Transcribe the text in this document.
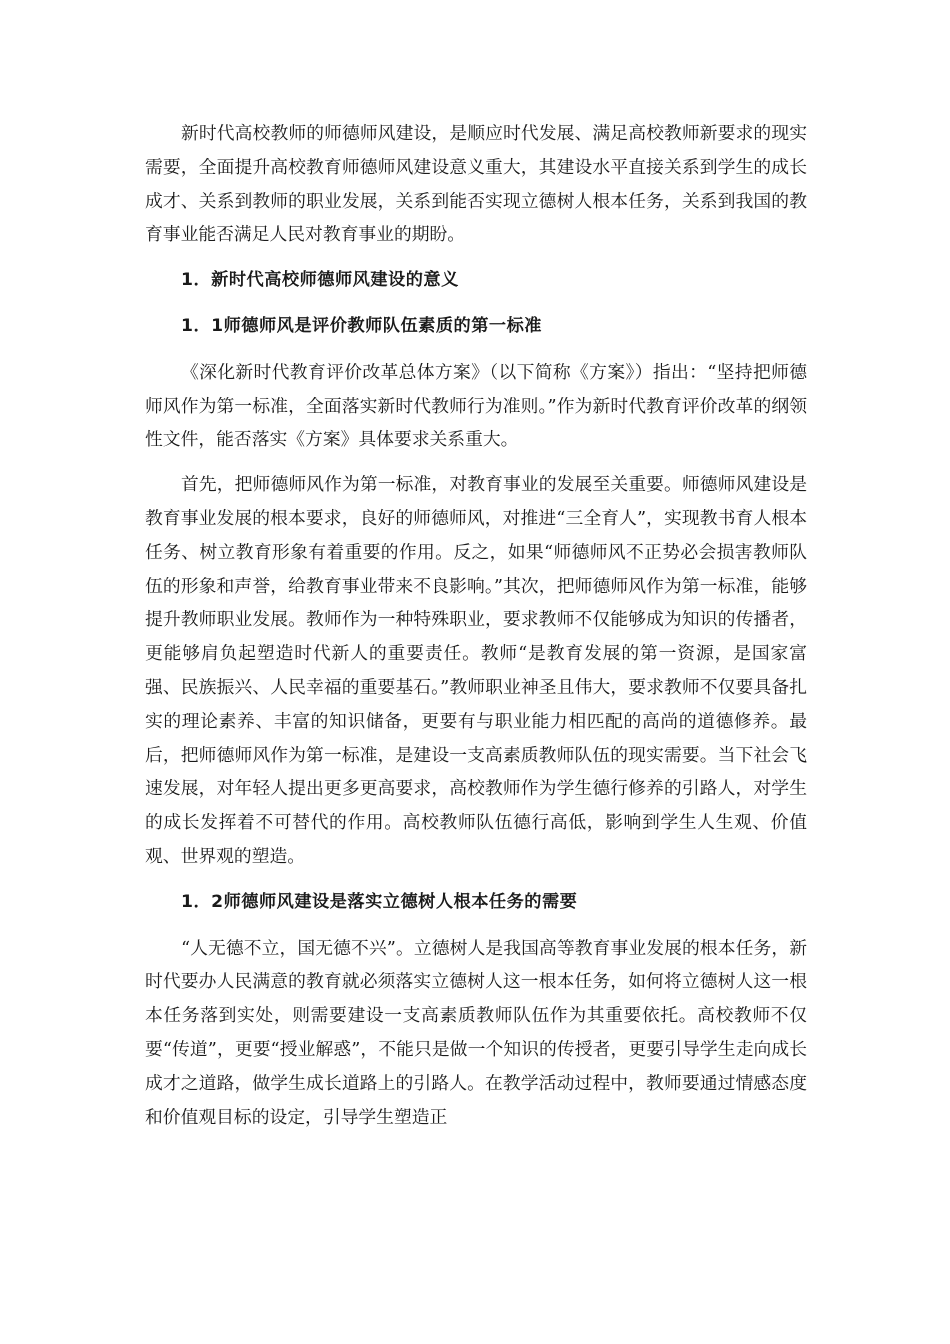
新时代高校教师的师德师风建设，是顺应时代发展、满足高校教师新要求的现实需要，全面提升高校教育师德师风建设意义重大，其建设水平直接关系到学生的成长成才、关系到教师的职业发展，关系到能否实现立德树人根本任务，关系到我国的教育事业能否满足人民对教育事业的期盼。

1．新时代高校师德师风建设的意义

1．1师德师风是评价教师队伍素质的第一标准

《深化新时代教育评价改革总体方案》（以下简称《方案》）指出：“坚持把师德师风作为第一标准，全面落实新时代教师行为准则。”作为新时代教育评价改革的纲领性文件，能否落实《方案》具体要求关系重大。

首先，把师德师风作为第一标准，对教育事业的发展至关重要。师德师风建设是教育事业发展的根本要求，良好的师德师风，对推进“三全育人”，实现教书育人根本任务、树立教育形象有着重要的作用。反之，如果“师德师风不正势必会损害教师队伍的形象和声誉，给教育事业带来不良影响。”其次，把师德师风作为第一标准，能够提升教师职业发展。教师作为一种特殊职业，要求教师不仅能够成为知识的传播者，更能够肩负起塑造时代新人的重要责任。教师“是教育发展的第一资源，是国家富强、民族振兴、人民幸福的重要基石。”教师职业神圣且伟大，要求教师不仅要具备扎实的理论素养、丰富的知识储备，更要有与职业能力相匹配的高尚的道德修养。最后，把师德师风作为第一标准，是建设一支高素质教师队伍的现实需要。当下社会飞速发展，对年轻人提出更多更高要求，高校教师作为学生德行修养的引路人，对学生的成长发挥着不可替代的作用。高校教师队伍德行高低，影响到学生人生观、价值观、世界观的塑造。

1．2师德师风建设是落实立德树人根本任务的需要

“人无德不立，国无德不兴”。立德树人是我国高等教育事业发展的根本任务，新时代要办人民满意的教育就必须落实立德树人这一根本任务，如何将立德树人这一根本任务落到实处，则需要建设一支高素质教师队伍作为其重要依托。高校教师不仅要“传道”，更要“授业解惑”，不能只是做一个知识的传授者，更要引导学生走向成长成才之道路，做学生成长道路上的引路人。在教学活动过程中，教师要通过情感态度和价值观目标的设定，引导学生塑造正
